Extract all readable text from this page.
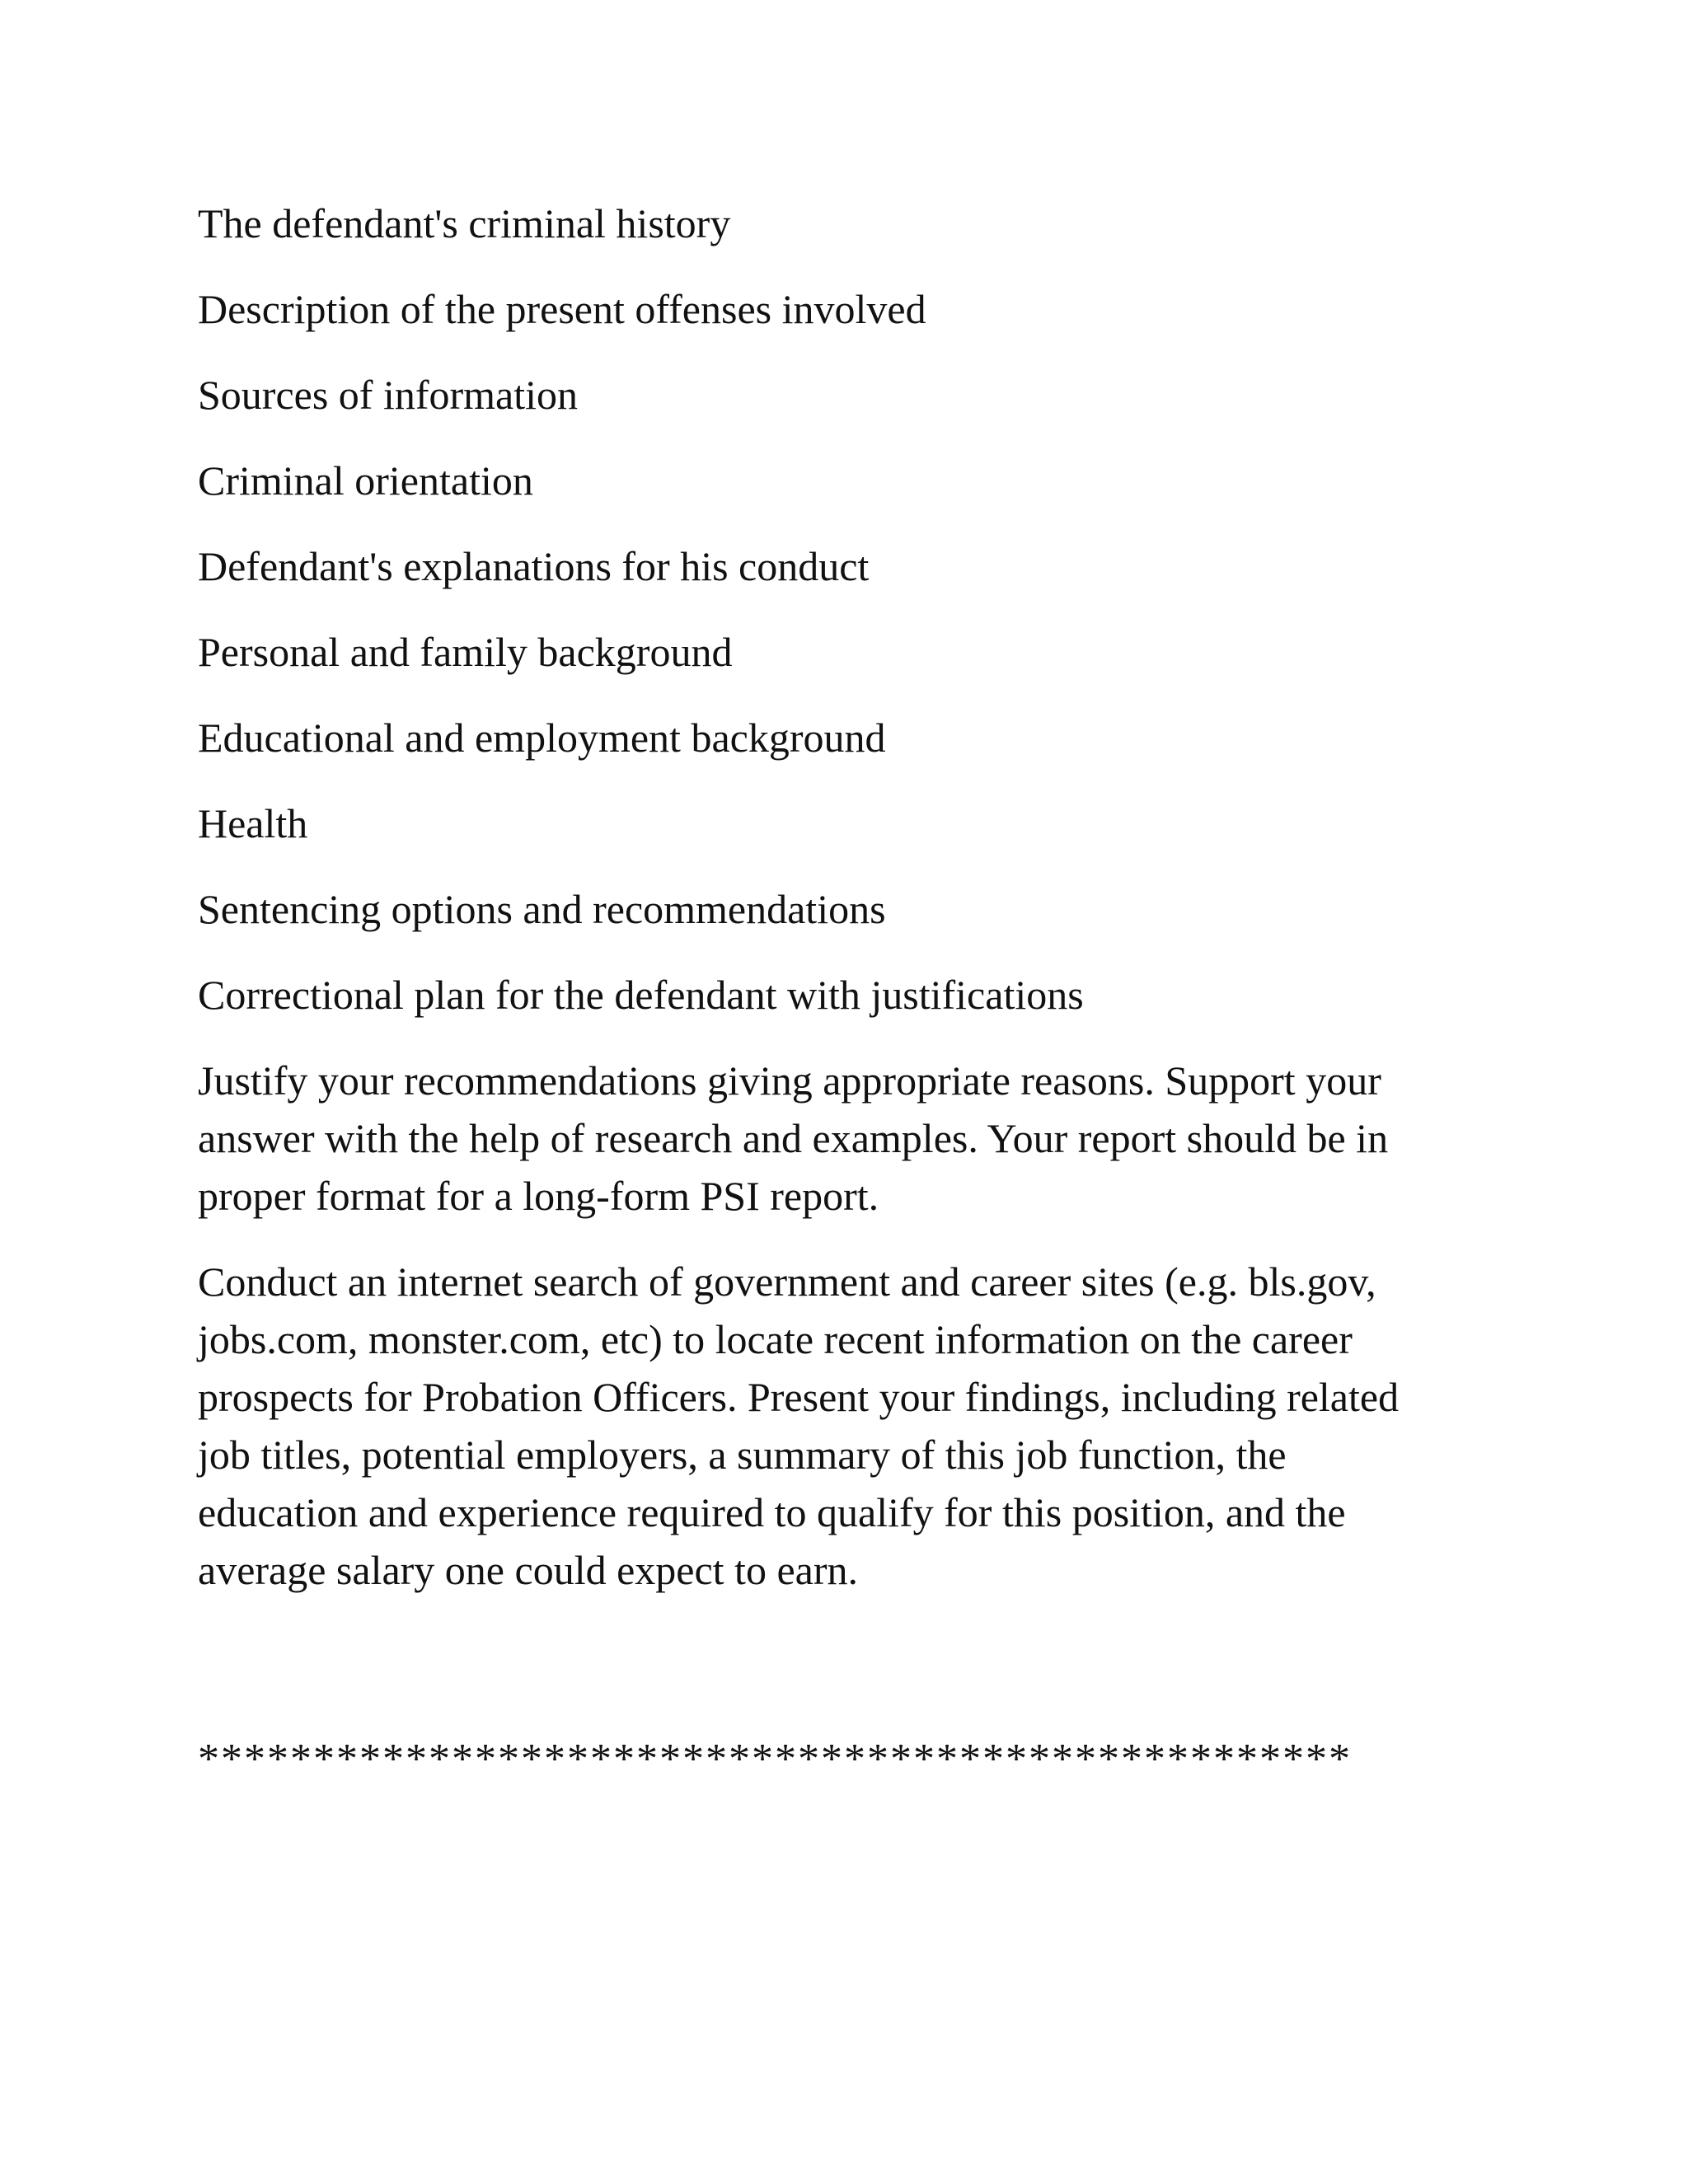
The defendant's criminal history
Description of the present offenses involved
Sources of information
Criminal orientation
Defendant's explanations for his conduct
Personal and family background
Educational and employment background
Health
Sentencing options and recommendations
Correctional plan for the defendant with justifications
Justify your recommendations giving appropriate reasons. Support your
answer with the help of research and examples. Your report should be in
proper format for a long-form PSI report.
Conduct an internet search of government and career sites (e.g. bls.gov,
jobs.com, monster.com, etc) to locate recent information on the career
prospects for Probation Officers. Present your findings, including related
job titles, potential employers, a summary of this job function, the
education and experience required to qualify for this position, and the
average salary one could expect to earn.
**************************************************
